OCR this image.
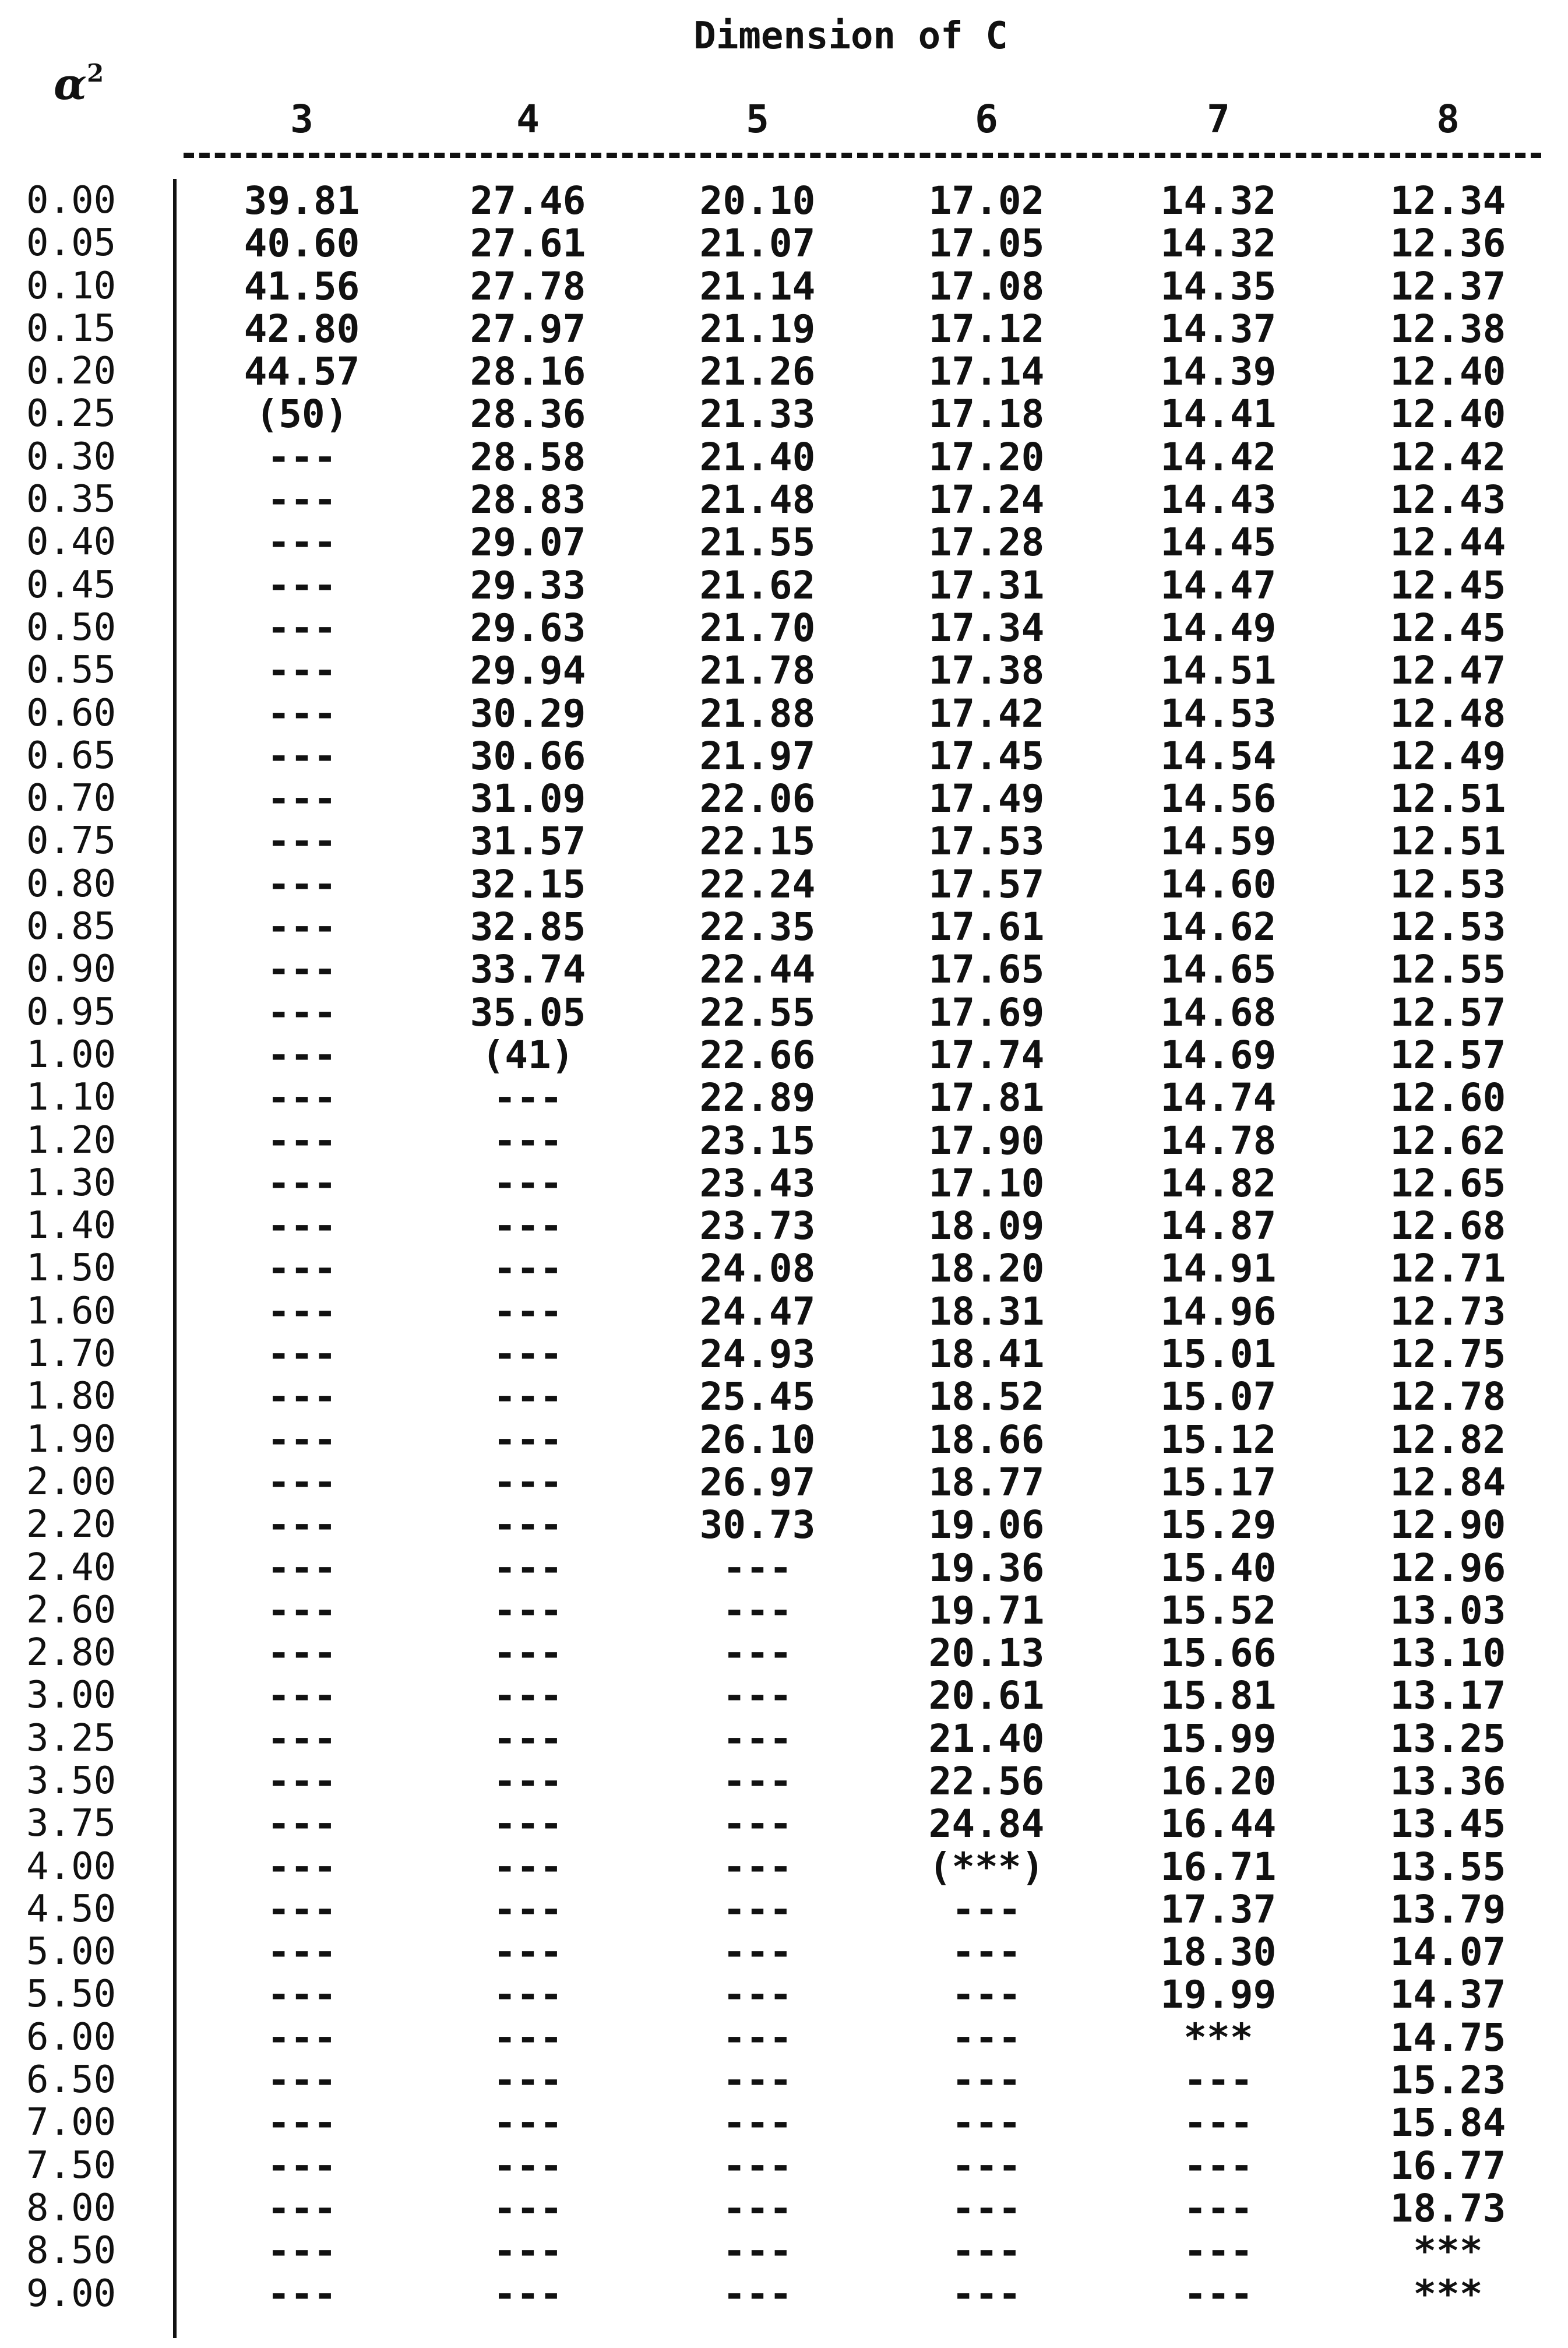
Dimension of C
$\alpha^2$
3	4	5	6	7	8
0.00	39.81	27.46	20.10	17.02	14.32	12.34
0.05	40.60	27.61	21.07	17.05	14.32	12.36
0.10	41.56	27.78	21.14	17.08	14.35	12.37
0.15	42.80	27.97	21.19	17.12	14.37	12.38
0.20	44.57	28.16	21.26	17.14	14.39	12.40
0.25	(50)	28.36	21.33	17.18	14.41	12.40
0.30	---	28.58	21.40	17.20	14.42	12.42
0.35	---	28.83	21.48	17.24	14.43	12.43
0.40	---	29.07	21.55	17.28	14.45	12.44
0.45	---	29.33	21.62	17.31	14.47	12.45
0.50	---	29.63	21.70	17.34	14.49	12.45
0.55	---	29.94	21.78	17.38	14.51	12.47
0.60	---	30.29	21.88	17.42	14.53	12.48
0.65	---	30.66	21.97	17.45	14.54	12.49
0.70	---	31.09	22.06	17.49	14.56	12.51
0.75	---	31.57	22.15	17.53	14.59	12.51
0.80	---	32.15	22.24	17.57	14.60	12.53
0.85	---	32.85	22.35	17.61	14.62	12.53
0.90	---	33.74	22.44	17.65	14.65	12.55
0.95	---	35.05	22.55	17.69	14.68	12.57
1.00	---	(41)	22.66	17.74	14.69	12.57
1.10	---	---	22.89	17.81	14.74	12.60
1.20	---	---	23.15	17.90	14.78	12.62
1.30	---	---	23.43	17.10	14.82	12.65
1.40	---	---	23.73	18.09	14.87	12.68
1.50	---	---	24.08	18.20	14.91	12.71
1.60	---	---	24.47	18.31	14.96	12.73
1.70	---	---	24.93	18.41	15.01	12.75
1.80	---	---	25.45	18.52	15.07	12.78
1.90	---	---	26.10	18.66	15.12	12.82
2.00	---	---	26.97	18.77	15.17	12.84
2.20	---	---	30.73	19.06	15.29	12.90
2.40	---	---	---	19.36	15.40	12.96
2.60	---	---	---	19.71	15.52	13.03
2.80	---	---	---	20.13	15.66	13.10
3.00	---	---	---	20.61	15.81	13.17
3.25	---	---	---	21.40	15.99	13.25
3.50	---	---	---	22.56	16.20	13.36
3.75	---	---	---	24.84	16.44	13.45
4.00	---	---	---	(***)	16.71	13.55
4.50	---	---	---	---	17.37	13.79
5.00	---	---	---	---	18.30	14.07
5.50	---	---	---	---	19.99	14.37
6.00	---	---	---	---	***	14.75
6.50	---	---	---	---	---	15.23
7.00	---	---	---	---	---	15.84
7.50	---	---	---	---	---	16.77
8.00	---	---	---	---	---	18.73
8.50	---	---	---	---	---	***
9.00	---	---	---	---	---	***
